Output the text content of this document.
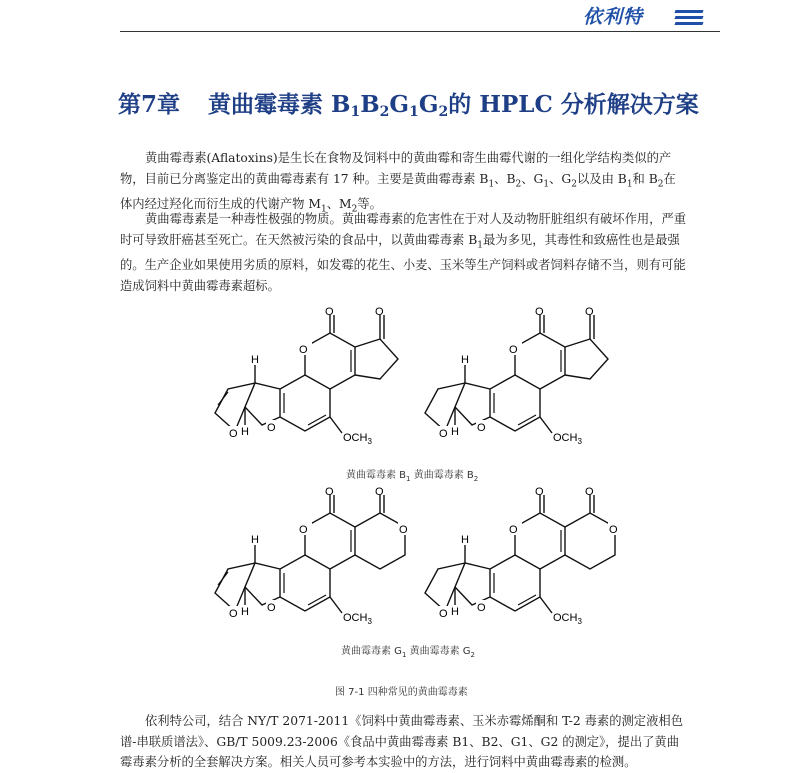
依利特
第7章 黄曲霉毒素 $B_1B_2G_1G_2$的 HPLC 分析解决方案

黄曲霉毒素(Aflatoxins)是生长在食物及饲料中的黄曲霉和寄生曲霉代谢的一组化学结构类似的产物，目前已分离鉴定出的黄曲霉毒素有 17 种。主要是黄曲霉毒素 $B_1$、$B_2$、$G_1$、$G_2$以及由 $B_1$和 $B_2$在体内经过羟化而衍生成的代谢产物 $M_1$、$M_2$等。

黄曲霉毒素是一种毒性极强的物质。黄曲霉毒素的危害性在于对人及动物肝脏组织有破坏作用，严重时可导致肝癌甚至死亡。在天然被污染的食品中，以黄曲霉毒素 $B_1$最为多见，其毒性和致癌性也是最强的。生产企业如果使用劣质的原料，如发霉的花生、小麦、玉米等生产饲料或者饲料存储不当，则有可能造成饲料中黄曲霉毒素超标。

O
O	O
O
O
H
H	$OCH_3$
O
O	O
O
O
H
H	$OCH_3$
O
O	O
O
O
O
H
H	$OCH_3$
O
O	O
O
O
O
H
H	$OCH_3$
黄曲霉毒素 $B_1$ 黄曲霉毒素 $B_2$
黄曲霉毒素 $G_1$ 黄曲霉毒素 $G_2$
图 7-1 四种常见的黄曲霉毒素

依利特公司，结合 NY/T 2071-2011《饲料中黄曲霉毒素、玉米赤霉烯酮和 T-2 毒素的测定液相色谱-串联质谱法》、GB/T 5009.23-2006《食品中黄曲霉毒素 B1、B2、G1、G2 的测定》，提出了黄曲霉毒素分析的全套解决方案。相关人员可参考本实验中的方法，进行饲料中黄曲霉毒素的检测。
